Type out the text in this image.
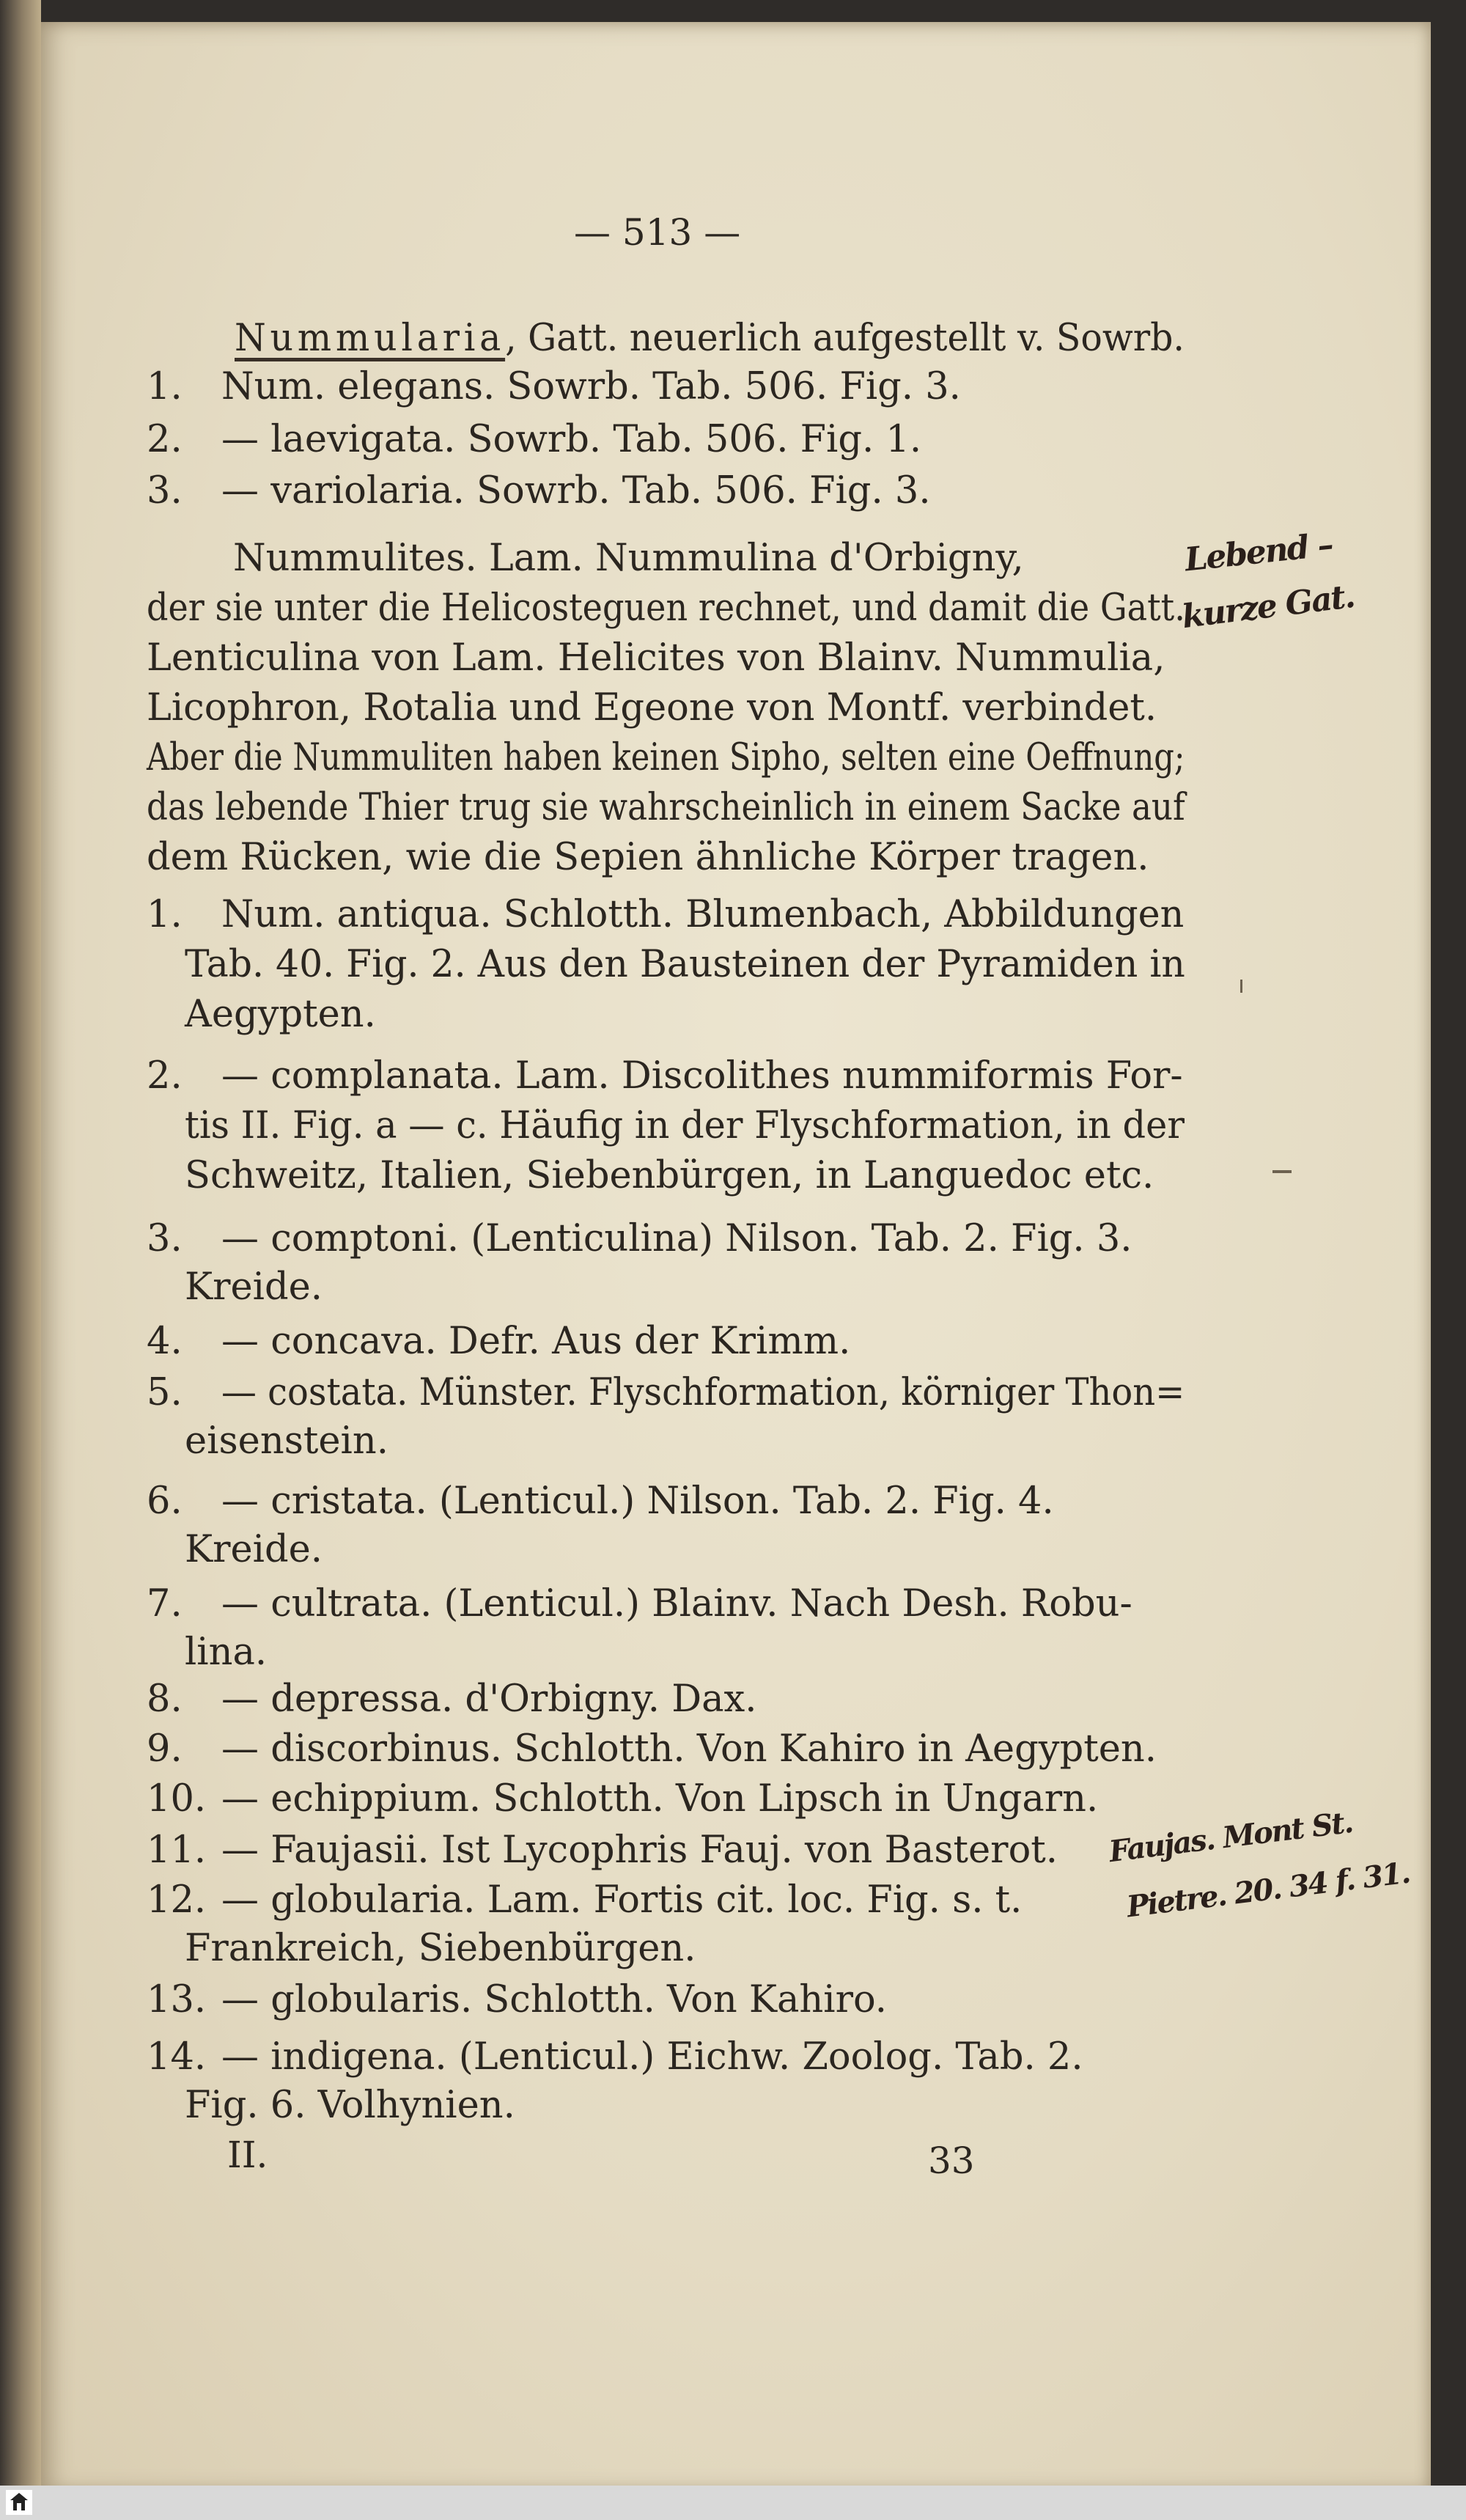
— 513 —
Nummularia, Gatt. neuerlich aufgestellt v. Sowrb.
1. Num. elegans. Sowrb. Tab. 506. Fig. 3.
2. — laevigata. Sowrb. Tab. 506. Fig. 1.
3. — variolaria. Sowrb. Tab. 506. Fig. 3.
Nummulites. Lam. Nummulina d'Orbigny,
der sie unter die Helicosteguen rechnet, und damit die Gatt.
Lenticulina von Lam. Helicites von Blainv. Nummulia,
Licophron, Rotalia und Egeone von Montf. verbindet.
Aber die Nummuliten haben keinen Sipho, selten eine Oeffnung;
das lebende Thier trug sie wahrscheinlich in einem Sacke auf
dem Rücken, wie die Sepien ähnliche Körper tragen.
1. Num. antiqua. Schlotth. Blumenbach, Abbildungen
Tab. 40. Fig. 2. Aus den Bausteinen der Pyramiden in
Aegypten.
2. — complanata. Lam. Discolithes nummiformis For-
tis II. Fig. a — c. Häufig in der Flyschformation, in der
Schweitz, Italien, Siebenbürgen, in Languedoc etc.
3. — comptoni. (Lenticulina) Nilson. Tab. 2. Fig. 3.
Kreide.
4. — concava. Defr. Aus der Krimm.
5. — costata. Münster. Flyschformation, körniger Thon=
eisenstein.
6. — cristata. (Lenticul.) Nilson. Tab. 2. Fig. 4.
Kreide.
7. — cultrata. (Lenticul.) Blainv. Nach Desh. Robu-
lina.
8. — depressa. d'Orbigny. Dax.
9. — discorbinus. Schlotth. Von Kahiro in Aegypten.
10. — echippium. Schlotth. Von Lipsch in Ungarn.
11. — Faujasii. Ist Lycophris Fauj. von Basterot.
12. — globularia. Lam. Fortis cit. loc. Fig. s. t.
Frankreich, Siebenbürgen.
13. — globularis. Schlotth. Von Kahiro.
14. — indigena. (Lenticul.) Eichw. Zoolog. Tab. 2.
Fig. 6. Volhynien.
II.	33
Lebend –
kurze Gat.
Faujas. Mont St.
Pietre. 20. 34 f. 31.
